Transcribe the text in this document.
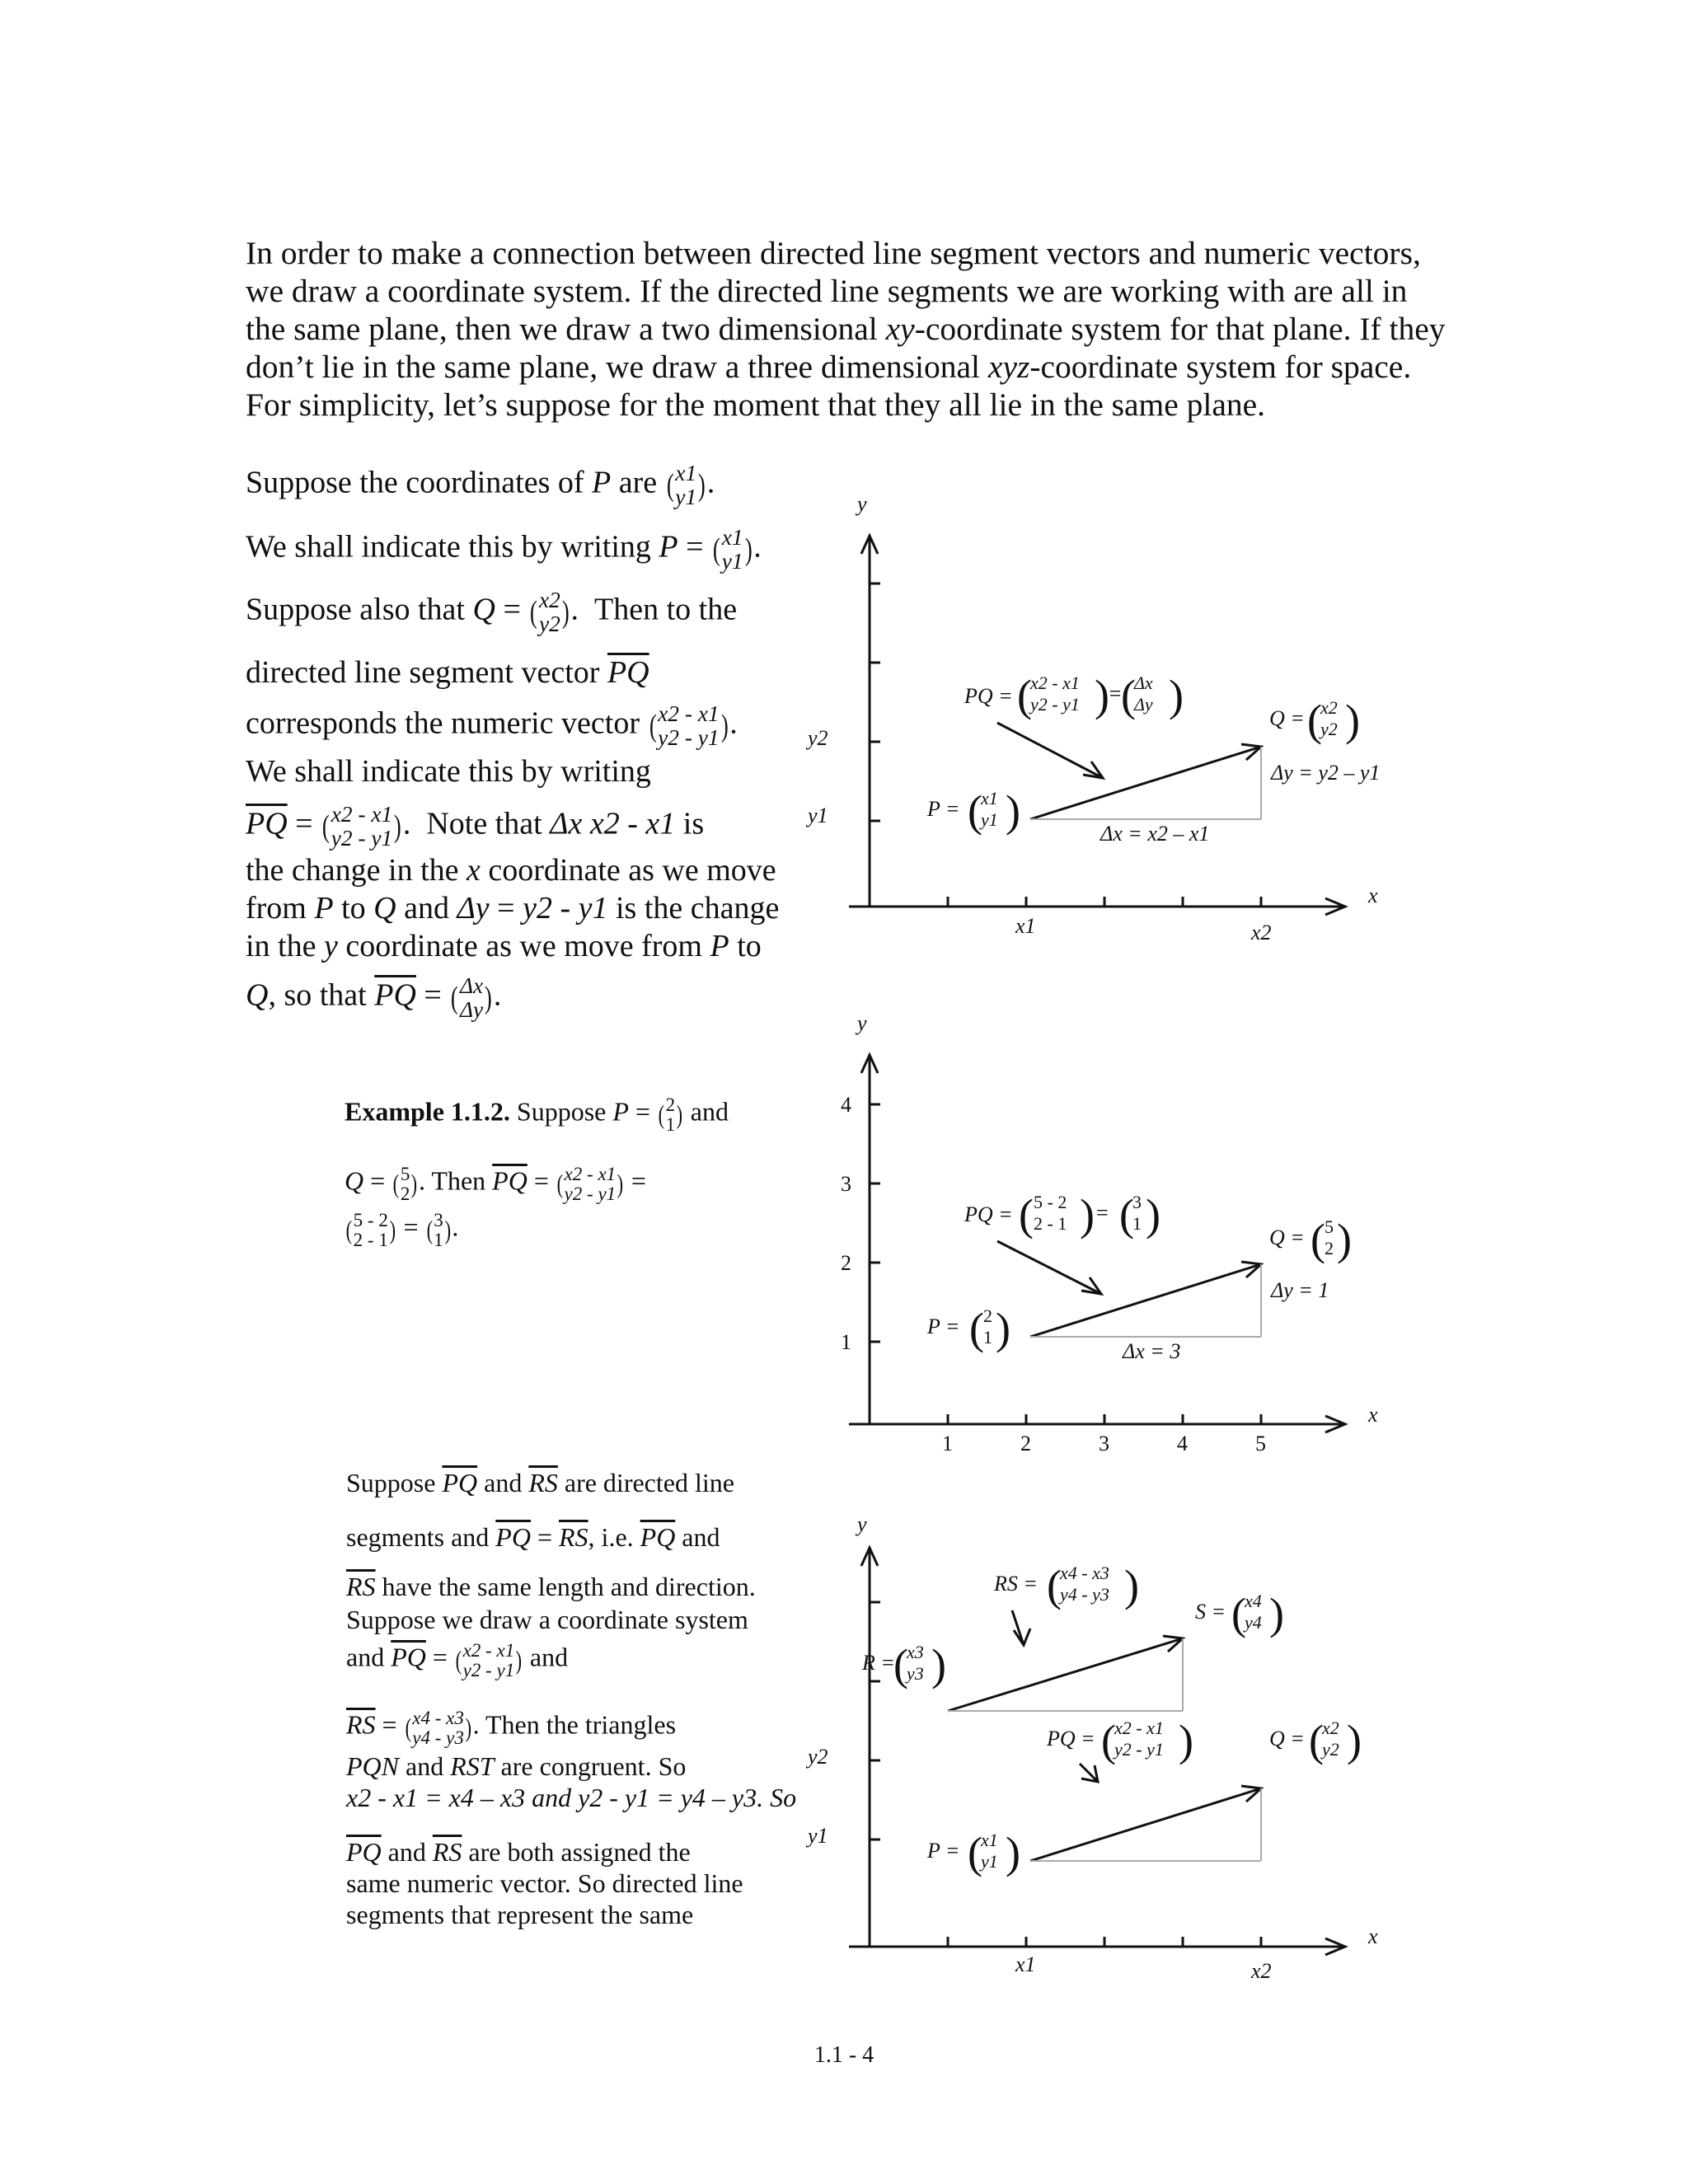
In order to make a connection between directed line segment vectors and numeric vectors, we draw a coordinate system. If the directed line segments we are working with are all in the same plane, then we draw a two dimensional xy-coordinate system for that plane. If they don’t lie in the same plane, we draw a three dimensional xyz-coordinate system for space. For simplicity, let’s suppose for the moment that they all lie in the same plane.

Suppose the coordinates of P are ( x1
y1 ) .
We shall indicate this by writing P = ( x1
y1 ) .
Suppose also that Q = ( x2
y2 ) .  Then to the
directed line segment vector $\overline{PQ}$
corresponds the numeric vector ( x2 - x1
y2 - y1 ) .
We shall indicate this by writing
$\overline{PQ}$ = ( x2 - x1
y2 - y1 ) .  Note that Δx x2 - x1 is
the change in the x coordinate as we move
from P to Q and Δy = y2 - y1 is the change
in the y coordinate as we move from P to
Q, so that $\overline{PQ}$ = ( Δx
Δy ) .
Example 1.1.2. Suppose P = ( 2
1 ) and
Q = ( 5
2 ) . Then $\overline{PQ}$ = ( x2 - x1
y2 - y1 ) =
( 5 - 2
2 - 1 ) = ( 3
1 ) .
Suppose $\overline{PQ}$ and $\overline{RS}$ are directed line
segments and $\overline{PQ} = \overline{RS}$, i.e. $\overline{PQ}$ and
$\overline{RS}$ have the same length and direction.
Suppose we draw a coordinate system
and $\overline{PQ}$ = ( x2 - x1
y2 - y1 ) and
$\overline{RS}$ = ( x4 - x3
y4 - y3 ) . Then the triangles
PQN and RST are congruent. So
x2 - x1 = x4 – x3 and y2 - y1 = y4 – y3. So
$\overline{PQ}$ and $\overline{RS}$ are both assigned the
same numeric vector. So directed line
segments that represent the same
y
x
y2
y1
x1	x2
PQ =
x2 - x1
y2 - y1 = Δx
Δy
Q = x2
y2
Δy = y2 – y1
Δx = x2 – x1
P = x1
y1
( ) ( )	( )
( )
y
x
4
3
2
1
1	2	3	4	5
PQ =
5 - 2
2 - 1 = 3
1
Q = 5
2
Δy = 1
Δx = 3
P = 2
1
( ) ( )	( )
( )
y
x
y2
y1
x1	x2
RS = x4 - x3
y4 - y3
S = x4
y4
R = x3
y3
PQ = x2 - x1
y2 - y1	Q = x2
y2
P = x1
y1
( )
( )
( )
( )	( )
( )
1.1 - 4
